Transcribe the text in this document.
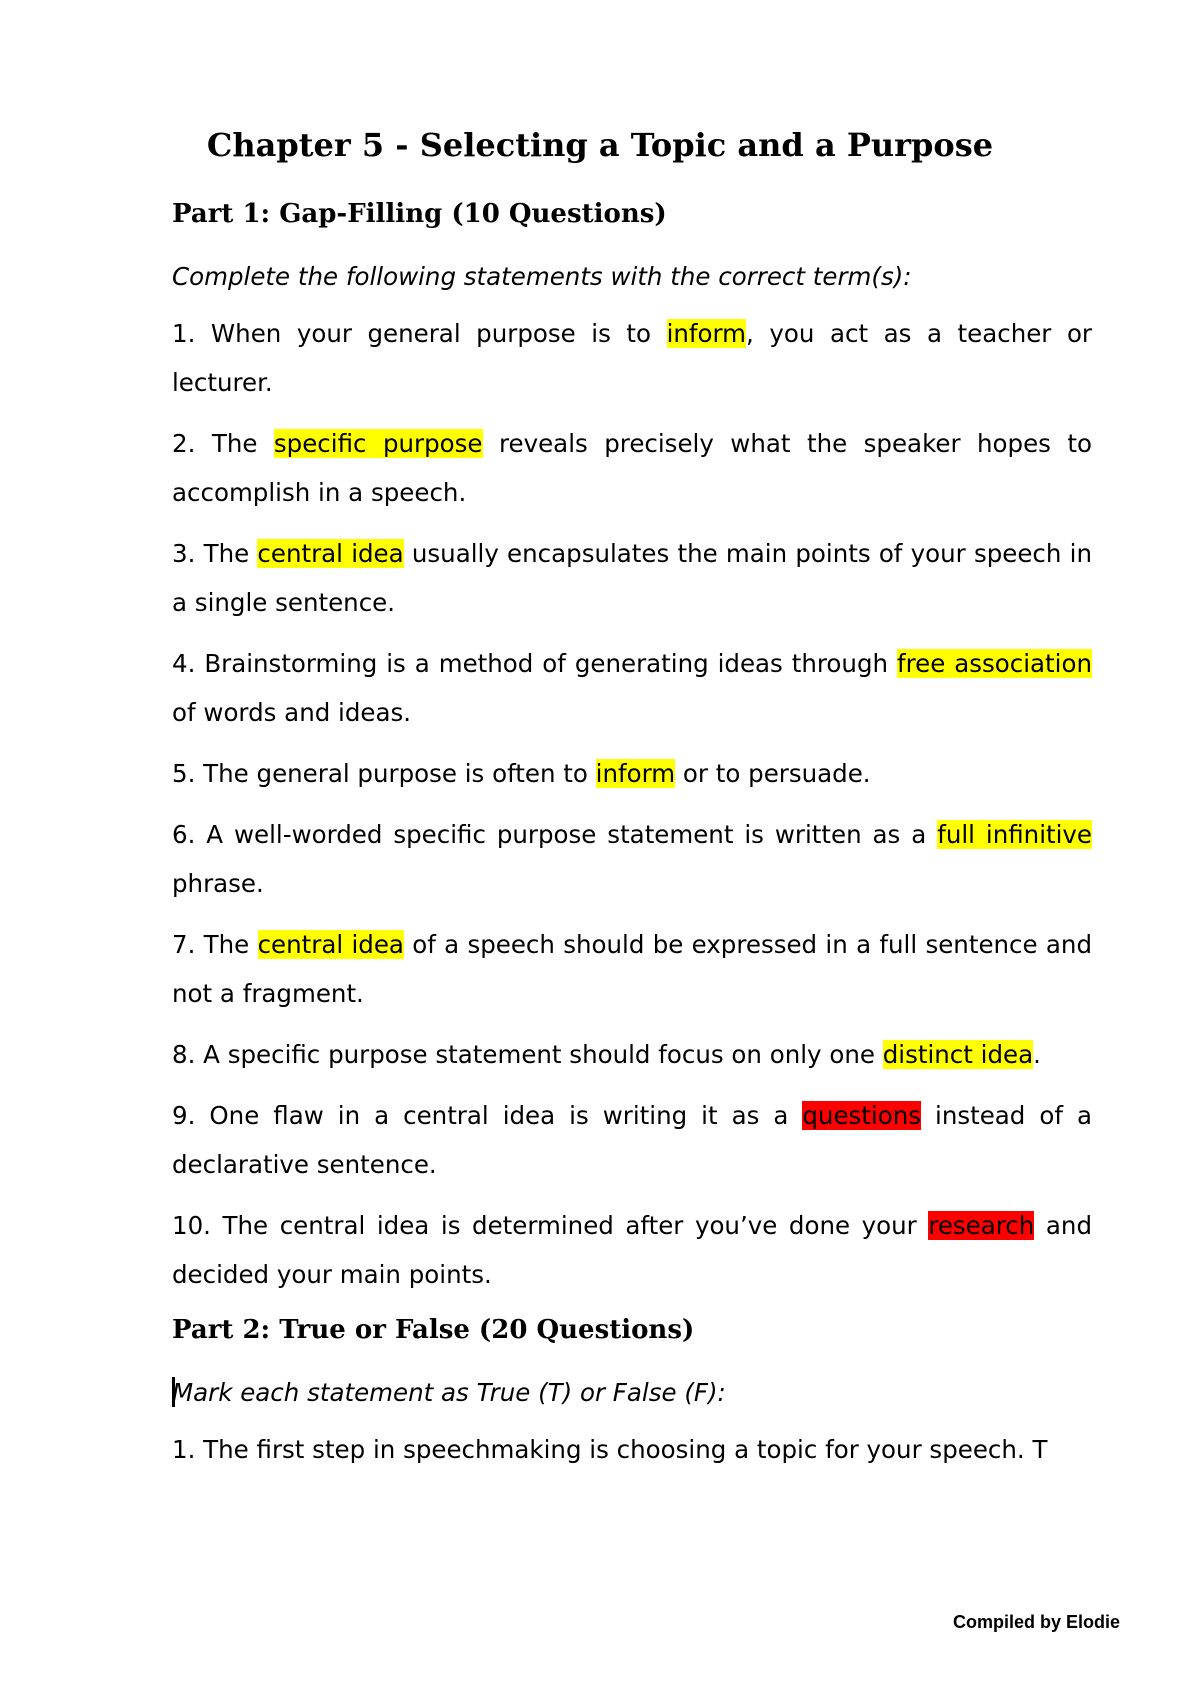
Chapter 5 - Selecting a Topic and a Purpose
Part 1: Gap-Filling (10 Questions)
Complete the following statements with the correct term(s):
1. When your general purpose is to inform, you act as a teacher or lecturer.
2. The specific purpose reveals precisely what the speaker hopes to accomplish in a speech.
3. The central idea usually encapsulates the main points of your speech in a single sentence.
4. Brainstorming is a method of generating ideas through free association of words and ideas.
5. The general purpose is often to inform or to persuade.
6. A well-worded specific purpose statement is written as a full infinitive phrase.
7. The central idea of a speech should be expressed in a full sentence and not a fragment.
8. A specific purpose statement should focus on only one distinct idea.
9. One flaw in a central idea is writing it as a questions instead of a declarative sentence.
10. The central idea is determined after you’ve done your research and decided your main points.
Part 2: True or False (20 Questions)
Mark each statement as True (T) or False (F):
1. The first step in speechmaking is choosing a topic for your speech. T
Compiled by Elodie
